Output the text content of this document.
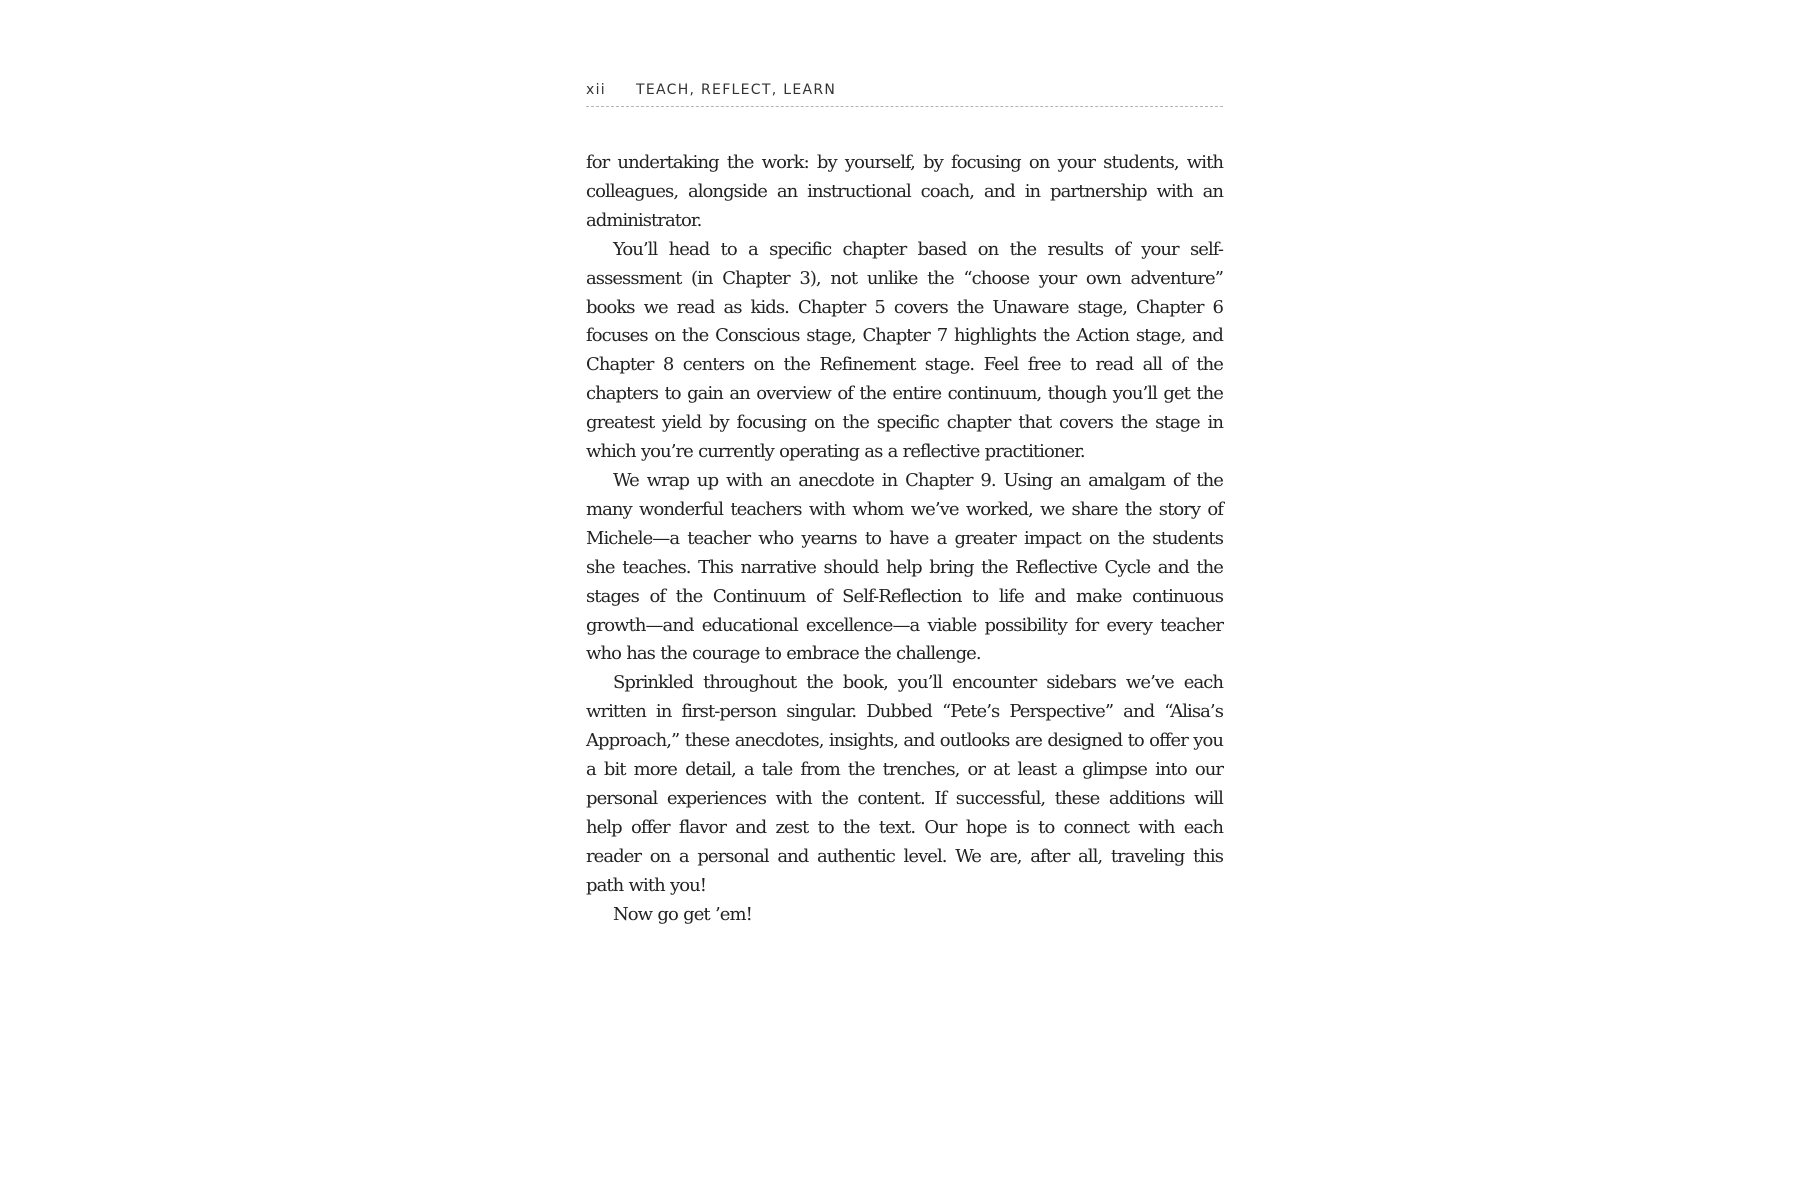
xii	TEACH, REFLECT, LEARN

for undertaking the work: by yourself, by focusing on your students, with colleagues, alongside an instructional coach, and in partnership with an administrator.

You’ll head to a specific chapter based on the results of your self-assessment (in Chapter 3), not unlike the “choose your own adventure” books we read as kids. Chapter 5 covers the Unaware stage, Chapter 6 focuses on the Conscious stage, Chapter 7 highlights the Action stage, and Chapter 8 centers on the Refinement stage. Feel free to read all of the chapters to gain an overview of the entire continuum, though you’ll get the greatest yield by focusing on the specific chapter that covers the stage in which you’re currently operating as a reflective practitioner.

We wrap up with an anecdote in Chapter 9. Using an amalgam of the many wonderful teachers with whom we’ve worked, we share the story of Michele—a teacher who yearns to have a greater impact on the students she teaches. This narrative should help bring the Reflective Cycle and the stages of the Continuum of Self-Reflection to life and make continuous growth—and educational excellence—a viable possibility for every teacher who has the courage to embrace the challenge.

Sprinkled throughout the book, you’ll encounter sidebars we’ve each written in first-person singular. Dubbed “Pete’s Perspective” and “Alisa’s Approach,” these anecdotes, insights, and outlooks are designed to offer you a bit more detail, a tale from the trenches, or at least a glimpse into our personal experiences with the content. If successful, these additions will help offer flavor and zest to the text. Our hope is to connect with each reader on a personal and authentic level. We are, after all, traveling this path with you!

Now go get ’em!
